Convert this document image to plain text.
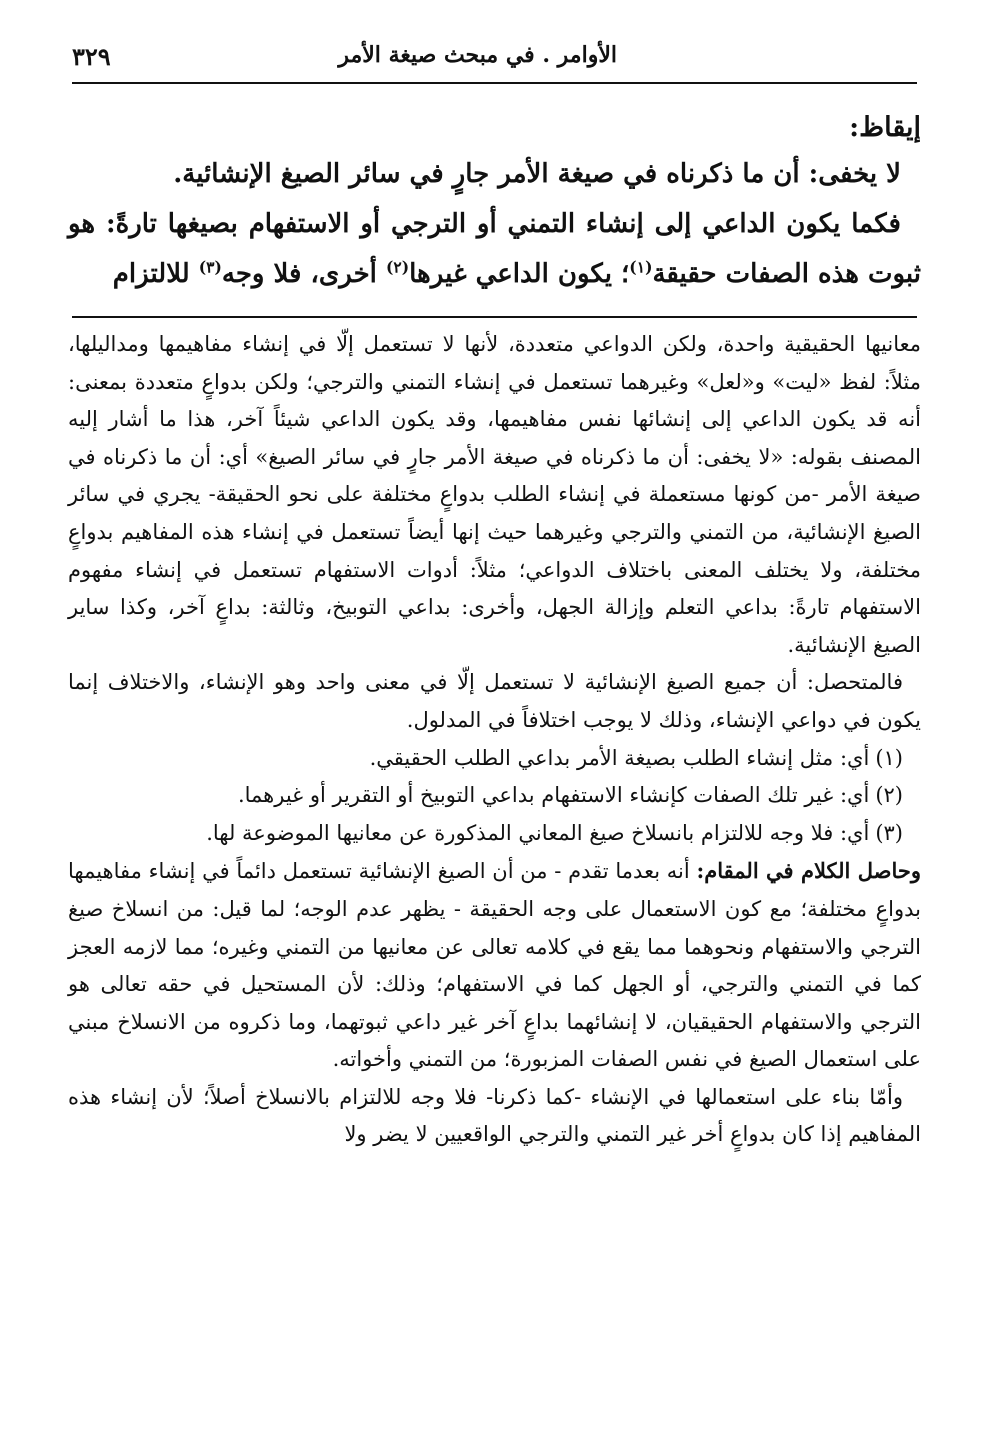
الأوامر . في مبحث صيغة الأمر
٣٢٩
إيقاظ:

لا يخفى: أن ما ذكرناه في صيغة الأمر جارٍ في سائر الصيغ الإنشائية.

فكما يكون الداعي إلى إنشاء التمني أو الترجي أو الاستفهام بصيغها تارةً: هو ثبوت هذه الصفات حقيقة$^{(١)}$؛ يكون الداعي غيرها$^{(٢)}$ أخرى، فلا وجه$^{(٣)}$ للالتزام

معانيها الحقيقية واحدة، ولكن الدواعي متعددة، لأنها لا تستعمل إلّا في إنشاء مفاهيمها ومداليلها، مثلاً: لفظ «ليت» و«لعل» وغيرهما تستعمل في إنشاء التمني والترجي؛ ولكن بدواعٍ متعددة بمعنى: أنه قد يكون الداعي إلى إنشائها نفس مفاهيمها، وقد يكون الداعي شيئاً آخر، هذا ما أشار إليه المصنف بقوله: «لا يخفى: أن ما ذكرناه في صيغة الأمر جارٍ في سائر الصيغ» أي: أن ما ذكرناه في صيغة الأمر -من كونها مستعملة في إنشاء الطلب بدواعٍ مختلفة على نحو الحقيقة- يجري في سائر الصيغ الإنشائية، من التمني والترجي وغيرهما حيث إنها أيضاً تستعمل في إنشاء هذه المفاهيم بدواعٍ مختلفة، ولا يختلف المعنى باختلاف الدواعي؛ مثلاً: أدوات الاستفهام تستعمل في إنشاء مفهوم الاستفهام تارةً: بداعي التعلم وإزالة الجهل، وأخرى: بداعي التوبيخ، وثالثة: بداعٍ آخر، وكذا ساير الصيغ الإنشائية.

فالمتحصل: أن جميع الصيغ الإنشائية لا تستعمل إلّا في معنى واحد وهو الإنشاء، والاختلاف إنما يكون في دواعي الإنشاء، وذلك لا يوجب اختلافاً في المدلول.

(١)أي: مثل إنشاء الطلب بصيغة الأمر بداعي الطلب الحقيقي.

(٢)أي: غير تلك الصفات كإنشاء الاستفهام بداعي التوبيخ أو التقرير أو غيرهما.

(٣)أي: فلا وجه للالتزام بانسلاخ صيغ المعاني المذكورة عن معانيها الموضوعة لها.

وحاصل الكلام في المقام: أنه بعدما تقدم - من أن الصيغ الإنشائية تستعمل دائماً في إنشاء مفاهيمها بدواعٍ مختلفة؛ مع كون الاستعمال على وجه الحقيقة - يظهر عدم الوجه؛ لما قيل: من انسلاخ صيغ الترجي والاستفهام ونحوهما مما يقع في كلامه تعالى عن معانيها من التمني وغيره؛ مما لازمه العجز كما في التمني والترجي، أو الجهل كما في الاستفهام؛ وذلك: لأن المستحيل في حقه تعالى هو الترجي والاستفهام الحقيقيان، لا إنشائهما بداعٍ آخر غير داعي ثبوتهما، وما ذكروه من الانسلاخ مبني على استعمال الصيغ في نفس الصفات المزبورة؛ من التمني وأخواته.

وأمّا بناء على استعمالها في الإنشاء -كما ذكرنا- فلا وجه للالتزام بالانسلاخ أصلاً؛ لأن إنشاء هذه المفاهيم إذا كان بدواعٍ أخر غير التمني والترجي الواقعيين لا يضر ولا
